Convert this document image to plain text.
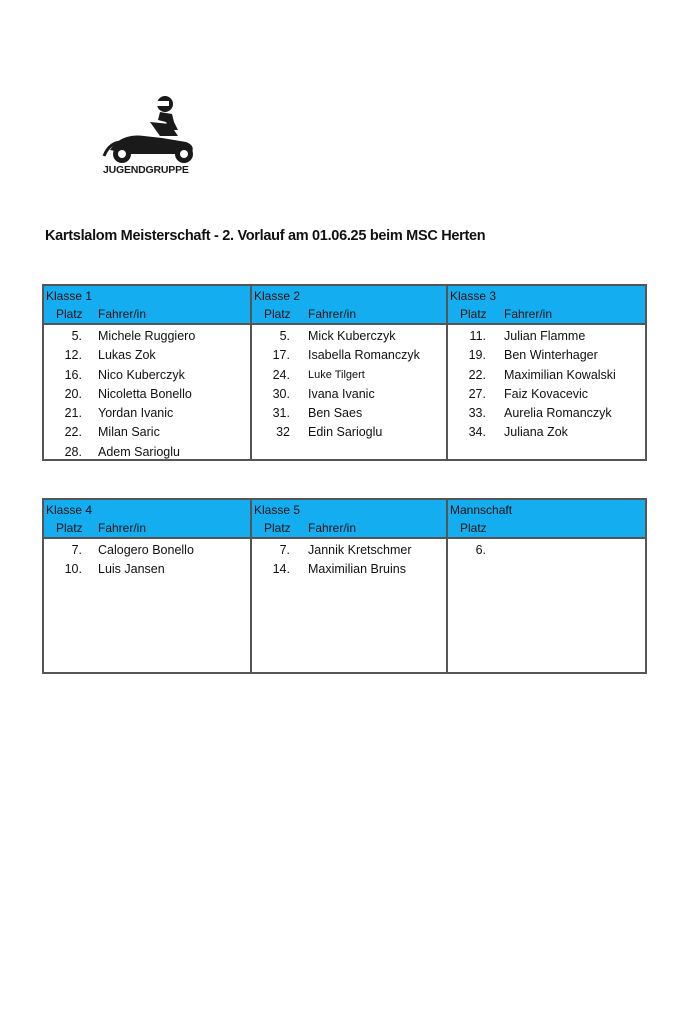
JUGENDGRUPPE
Kartslalom Meisterschaft - 2. Vorlauf am 01.06.25 beim MSC Herten
Klasse 1
Platz Fahrer/in
5. Michele Ruggiero
12. Lukas Zok
16. Nico Kuberczyk
20. Nicoletta Bonello
21. Yordan Ivanic
22. Milan Saric
28. Adem Sarioglu
Klasse 2
Platz Fahrer/in
5. Mick Kuberczyk
17. Isabella Romanczyk
24. Luke Tilgert
30. Ivana Ivanic
31. Ben Saes
32 Edin Sarioglu
Klasse 3
Platz Fahrer/in
11. Julian Flamme
19. Ben Winterhager
22. Maximilian Kowalski
27. Faiz Kovacevic
33. Aurelia Romanczyk
34. Juliana Zok
Klasse 4
Platz Fahrer/in
7. Calogero Bonello
10. Luis Jansen
Klasse 5
Platz Fahrer/in
7. Jannik Kretschmer
14. Maximilian Bruins
Mannschaft
Platz
6.
